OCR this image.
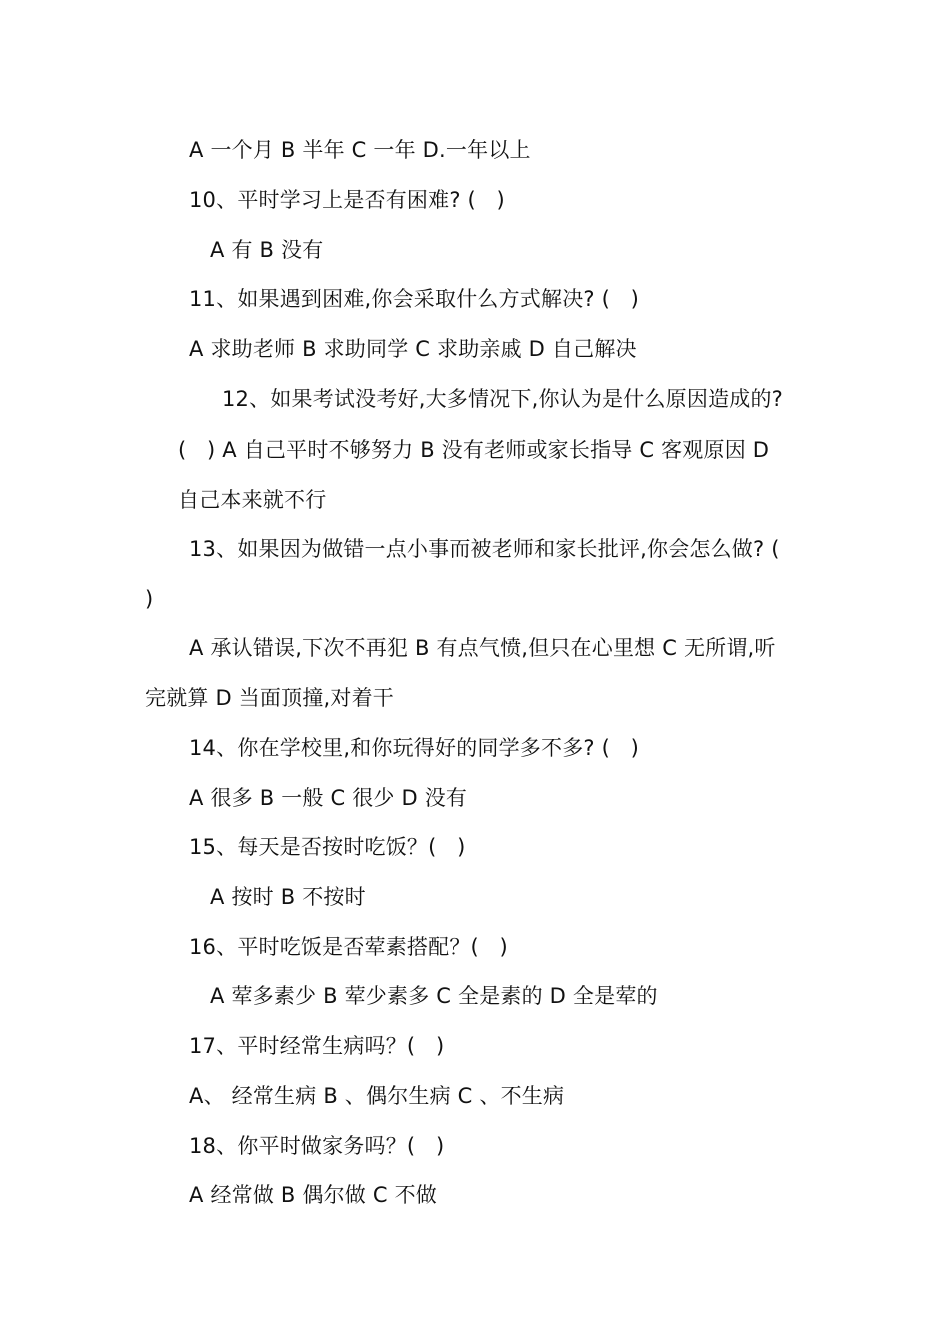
A 一个月 B 半年 C 一年 D.一年以上
10、平时学习上是否有困难? (   )
A 有 B 没有
11、如果遇到困难,你会采取什么方式解决? (   )
A 求助老师 B 求助同学 C 求助亲戚 D 自己解决
12、如果考试没考好,大多情况下,你认为是什么原因造成的?
(   ) A 自己平时不够努力 B 没有老师或家长指导 C 客观原因 D
自己本来就不行
13、如果因为做错一点小事而被老师和家长批评,你会怎么做? (
)
A 承认错误,下次不再犯 B 有点气愤,但只在心里想 C 无所谓,听
完就算 D 当面顶撞,对着干
14、你在学校里,和你玩得好的同学多不多? (   )
A 很多 B 一般 C 很少 D 没有
15、每天是否按时吃饭？(   )
A 按时 B 不按时
16、平时吃饭是否荤素搭配？(   )
A 荤多素少 B 荤少素多 C 全是素的 D 全是荤的
17、平时经常生病吗？(   )
A、 经常生病 B 、偶尔生病 C 、不生病
18、你平时做家务吗？(   )
A 经常做 B 偶尔做 C 不做
